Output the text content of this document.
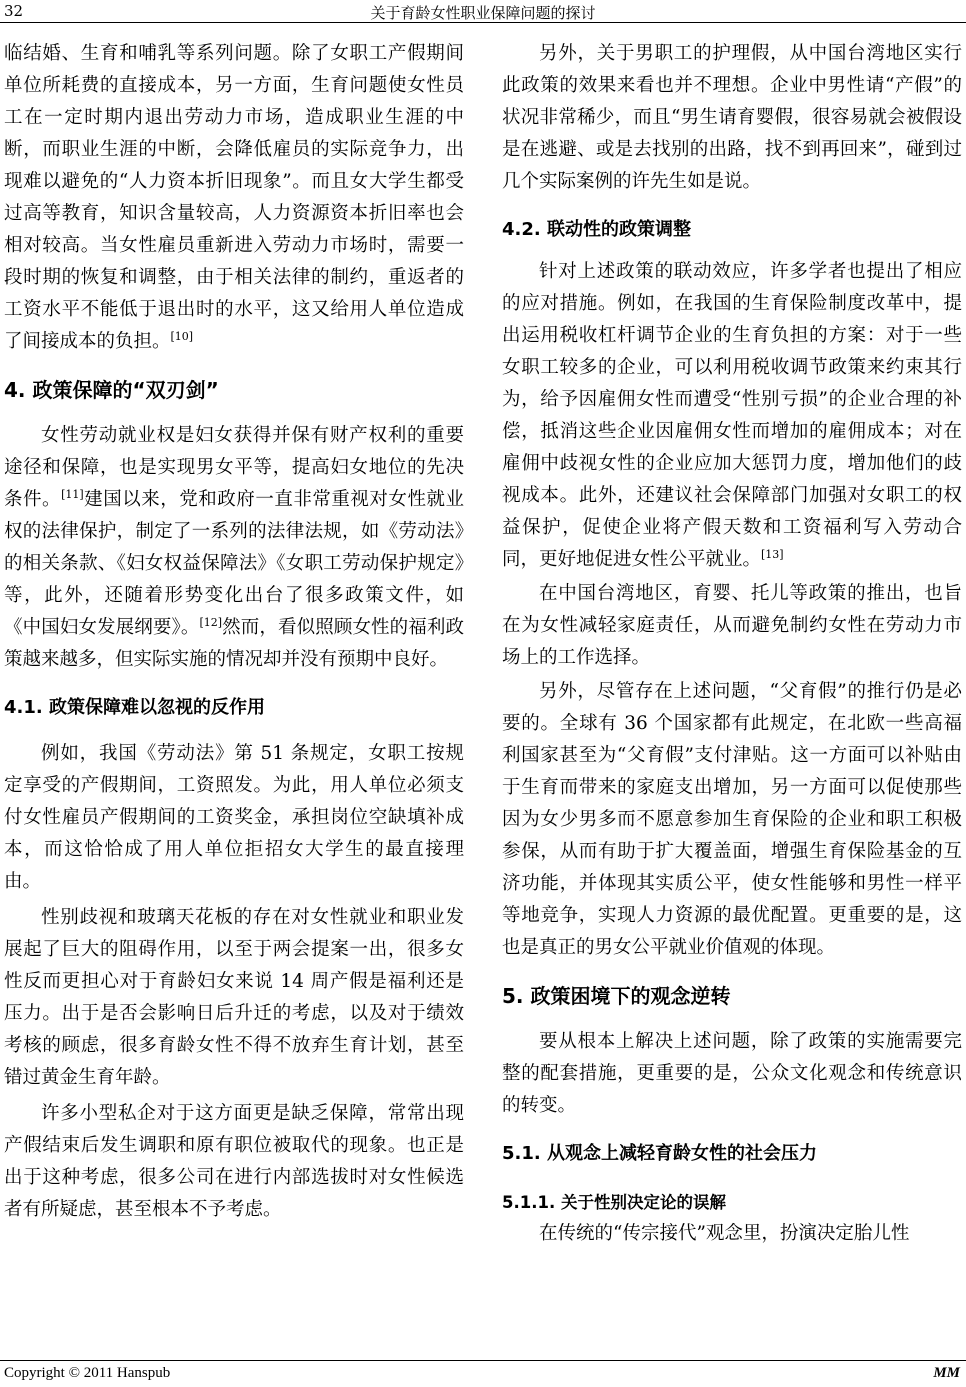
32	关于育龄女性职业保障问题的探讨

临结婚、生育和哺乳等系列问题。除了女职工产假期间单位所耗费的直接成本，另一方面，生育问题使女性员工在一定时期内退出劳动力市场，造成职业生涯的中断，而职业生涯的中断，会降低雇员的实际竞争力，出现难以避免的“人力资本折旧现象”。而且女大学生都受过高等教育，知识含量较高，人力资源资本折旧率也会相对较高。当女性雇员重新进入劳动力市场时，需要一段时期的恢复和调整，由于相关法律的制约，重返者的工资水平不能低于退出时的水平，这又给用人单位造成了间接成本的负担。[10]

4. 政策保障的“双刃剑”

女性劳动就业权是妇女获得并保有财产权利的重要途径和保障，也是实现男女平等，提高妇女地位的先决条件。[11]建国以来，党和政府一直非常重视对女性就业权的法律保护，制定了一系列的法律法规，如《劳动法》的相关条款、《妇女权益保障法》《女职工劳动保护规定》等，此外，还随着形势变化出台了很多政策文件，如《中国妇女发展纲要》。[12]然而，看似照顾女性的福利政策越来越多，但实际实施的情况却并没有预期中良好。

4.1. 政策保障难以忽视的反作用

例如，我国《劳动法》第 51 条规定，女职工按规定享受的产假期间，工资照发。为此，用人单位必须支付女性雇员产假期间的工资奖金，承担岗位空缺填补成本，而这恰恰成了用人单位拒招女大学生的最直接理由。

性别歧视和玻璃天花板的存在对女性就业和职业发展起了巨大的阻碍作用，以至于两会提案一出，很多女性反而更担心对于育龄妇女来说 14 周产假是福利还是压力。出于是否会影响日后升迁的考虑，以及对于绩效考核的顾虑，很多育龄女性不得不放弃生育计划，甚至错过黄金生育年龄。

许多小型私企对于这方面更是缺乏保障，常常出现产假结束后发生调职和原有职位被取代的现象。也正是出于这种考虑，很多公司在进行内部选拔时对女性候选者有所疑虑，甚至根本不予考虑。

另外，关于男职工的护理假，从中国台湾地区实行此政策的效果来看也并不理想。企业中男性请“产假”的状况非常稀少，而且“男生请育婴假，很容易就会被假设是在逃避、或是去找别的出路，找不到再回来”，碰到过几个实际案例的许先生如是说。

4.2. 联动性的政策调整

针对上述政策的联动效应，许多学者也提出了相应的应对措施。例如，在我国的生育保险制度改革中，提出运用税收杠杆调节企业的生育负担的方案：对于一些女职工较多的企业，可以利用税收调节政策来约束其行为，给予因雇佣女性而遭受“性别亏损”的企业合理的补偿，抵消这些企业因雇佣女性而增加的雇佣成本；对在雇佣中歧视女性的企业应加大惩罚力度，增加他们的歧视成本。此外，还建议社会保障部门加强对女职工的权益保护，促使企业将产假天数和工资福利写入劳动合同，更好地促进女性公平就业。[13]

在中国台湾地区，育婴、托儿等政策的推出，也旨在为女性减轻家庭责任，从而避免制约女性在劳动力市场上的工作选择。

另外，尽管存在上述问题，“父育假”的推行仍是必要的。全球有 36 个国家都有此规定，在北欧一些高福利国家甚至为“父育假”支付津贴。这一方面可以补贴由于生育而带来的家庭支出增加，另一方面可以促使那些因为女少男多而不愿意参加生育保险的企业和职工积极参保，从而有助于扩大覆盖面，增强生育保险基金的互济功能，并体现其实质公平，使女性能够和男性一样平等地竞争，实现人力资源的最优配置。更重要的是，这也是真正的男女公平就业价值观的体现。

5. 政策困境下的观念逆转

要从根本上解决上述问题，除了政策的实施需要完整的配套措施，更重要的是，公众文化观念和传统意识的转变。

5.1. 从观念上减轻育龄女性的社会压力
5.1.1. 关于性别决定论的误解

在传统的“传宗接代”观念里，扮演决定胎儿性

Copyright © 2011 Hanspub	MM
